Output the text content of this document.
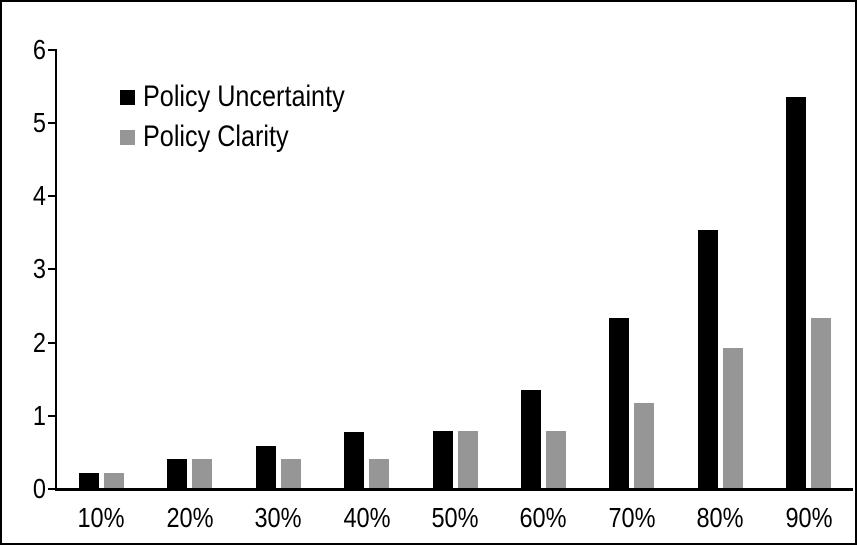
0
1
2
3
4
5
6
10%	20%	30%	40%	50%	60%	70%	80%	90%
Policy Uncertainty
Policy Clarity
